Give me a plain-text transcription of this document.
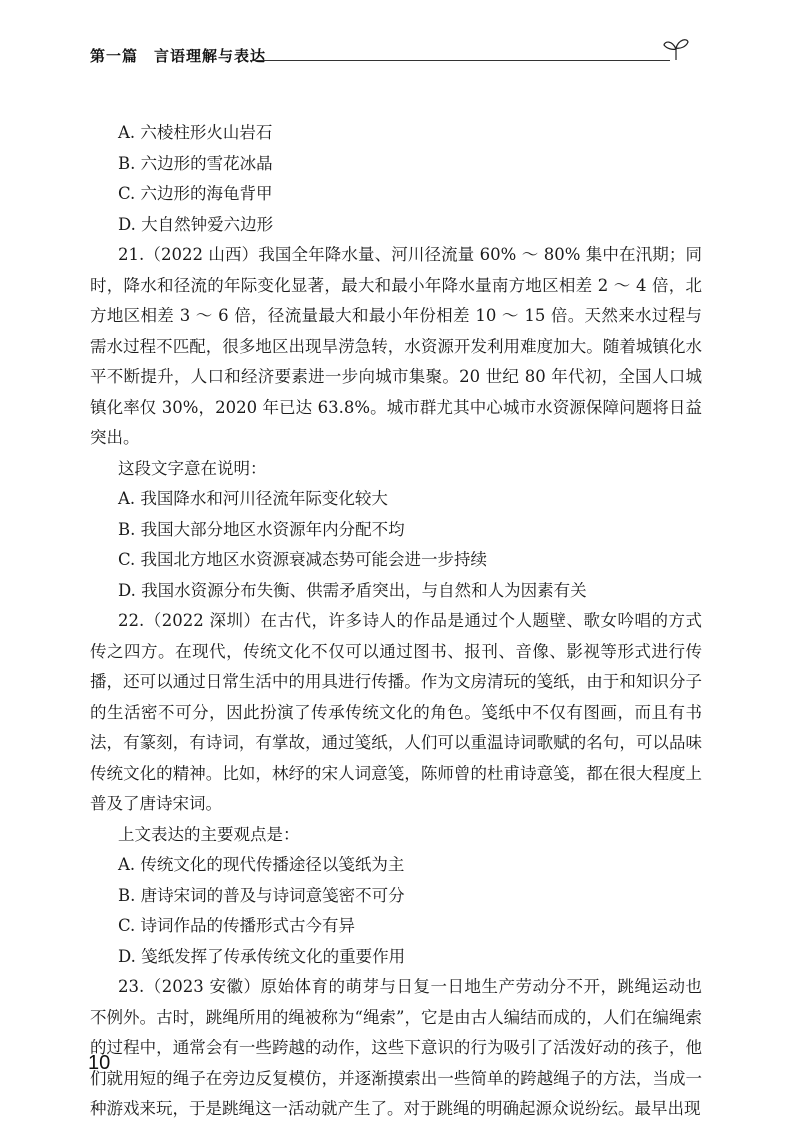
第一篇　言语理解与表达

A. 六棱柱形火山岩石

B. 六边形的雪花冰晶

C. 六边形的海龟背甲

D. 大自然钟爱六边形

21.（2022 山西）我国全年降水量、河川径流量 60% ～ 80% 集中在汛期；同时，降水和径流的年际变化显著，最大和最小年降水量南方地区相差 2 ～ 4 倍，北方地区相差 3 ～ 6 倍，径流量最大和最小年份相差 10 ～ 15 倍。天然来水过程与需水过程不匹配，很多地区出现旱涝急转，水资源开发利用难度加大。随着城镇化水平不断提升，人口和经济要素进一步向城市集聚。20 世纪 80 年代初，全国人口城镇化率仅 30%，2020 年已达 63.8%。城市群尤其中心城市水资源保障问题将日益突出。

这段文字意在说明：

A. 我国降水和河川径流年际变化较大

B. 我国大部分地区水资源年内分配不均

C. 我国北方地区水资源衰减态势可能会进一步持续

D. 我国水资源分布失衡、供需矛盾突出，与自然和人为因素有关

22.（2022 深圳）在古代，许多诗人的作品是通过个人题壁、歌女吟唱的方式传之四方。在现代，传统文化不仅可以通过图书、报刊、音像、影视等形式进行传播，还可以通过日常生活中的用具进行传播。作为文房清玩的笺纸，由于和知识分子的生活密不可分，因此扮演了传承传统文化的角色。笺纸中不仅有图画，而且有书法，有篆刻，有诗词，有掌故，通过笺纸，人们可以重温诗词歌赋的名句，可以品味传统文化的精神。比如，林纾的宋人词意笺，陈师曾的杜甫诗意笺，都在很大程度上普及了唐诗宋词。

上文表达的主要观点是：

A. 传统文化的现代传播途径以笺纸为主

B. 唐诗宋词的普及与诗词意笺密不可分

C. 诗词作品的传播形式古今有异

D. 笺纸发挥了传承传统文化的重要作用

23.（2023 安徽）原始体育的萌芽与日复一日地生产劳动分不开，跳绳运动也不例外。古时，跳绳所用的绳被称为“绳索”，它是由古人编结而成的，人们在编绳索的过程中，通常会有一些跨越的动作，这些下意识的行为吸引了活泼好动的孩子，他们就用短的绳子在旁边反复模仿，并逐渐摸索出一些简单的跨越绳子的方法，当成一种游戏来玩，于是跳绳这一活动就产生了。对于跳绳的明确起源众说纷纭。最早出现

10
